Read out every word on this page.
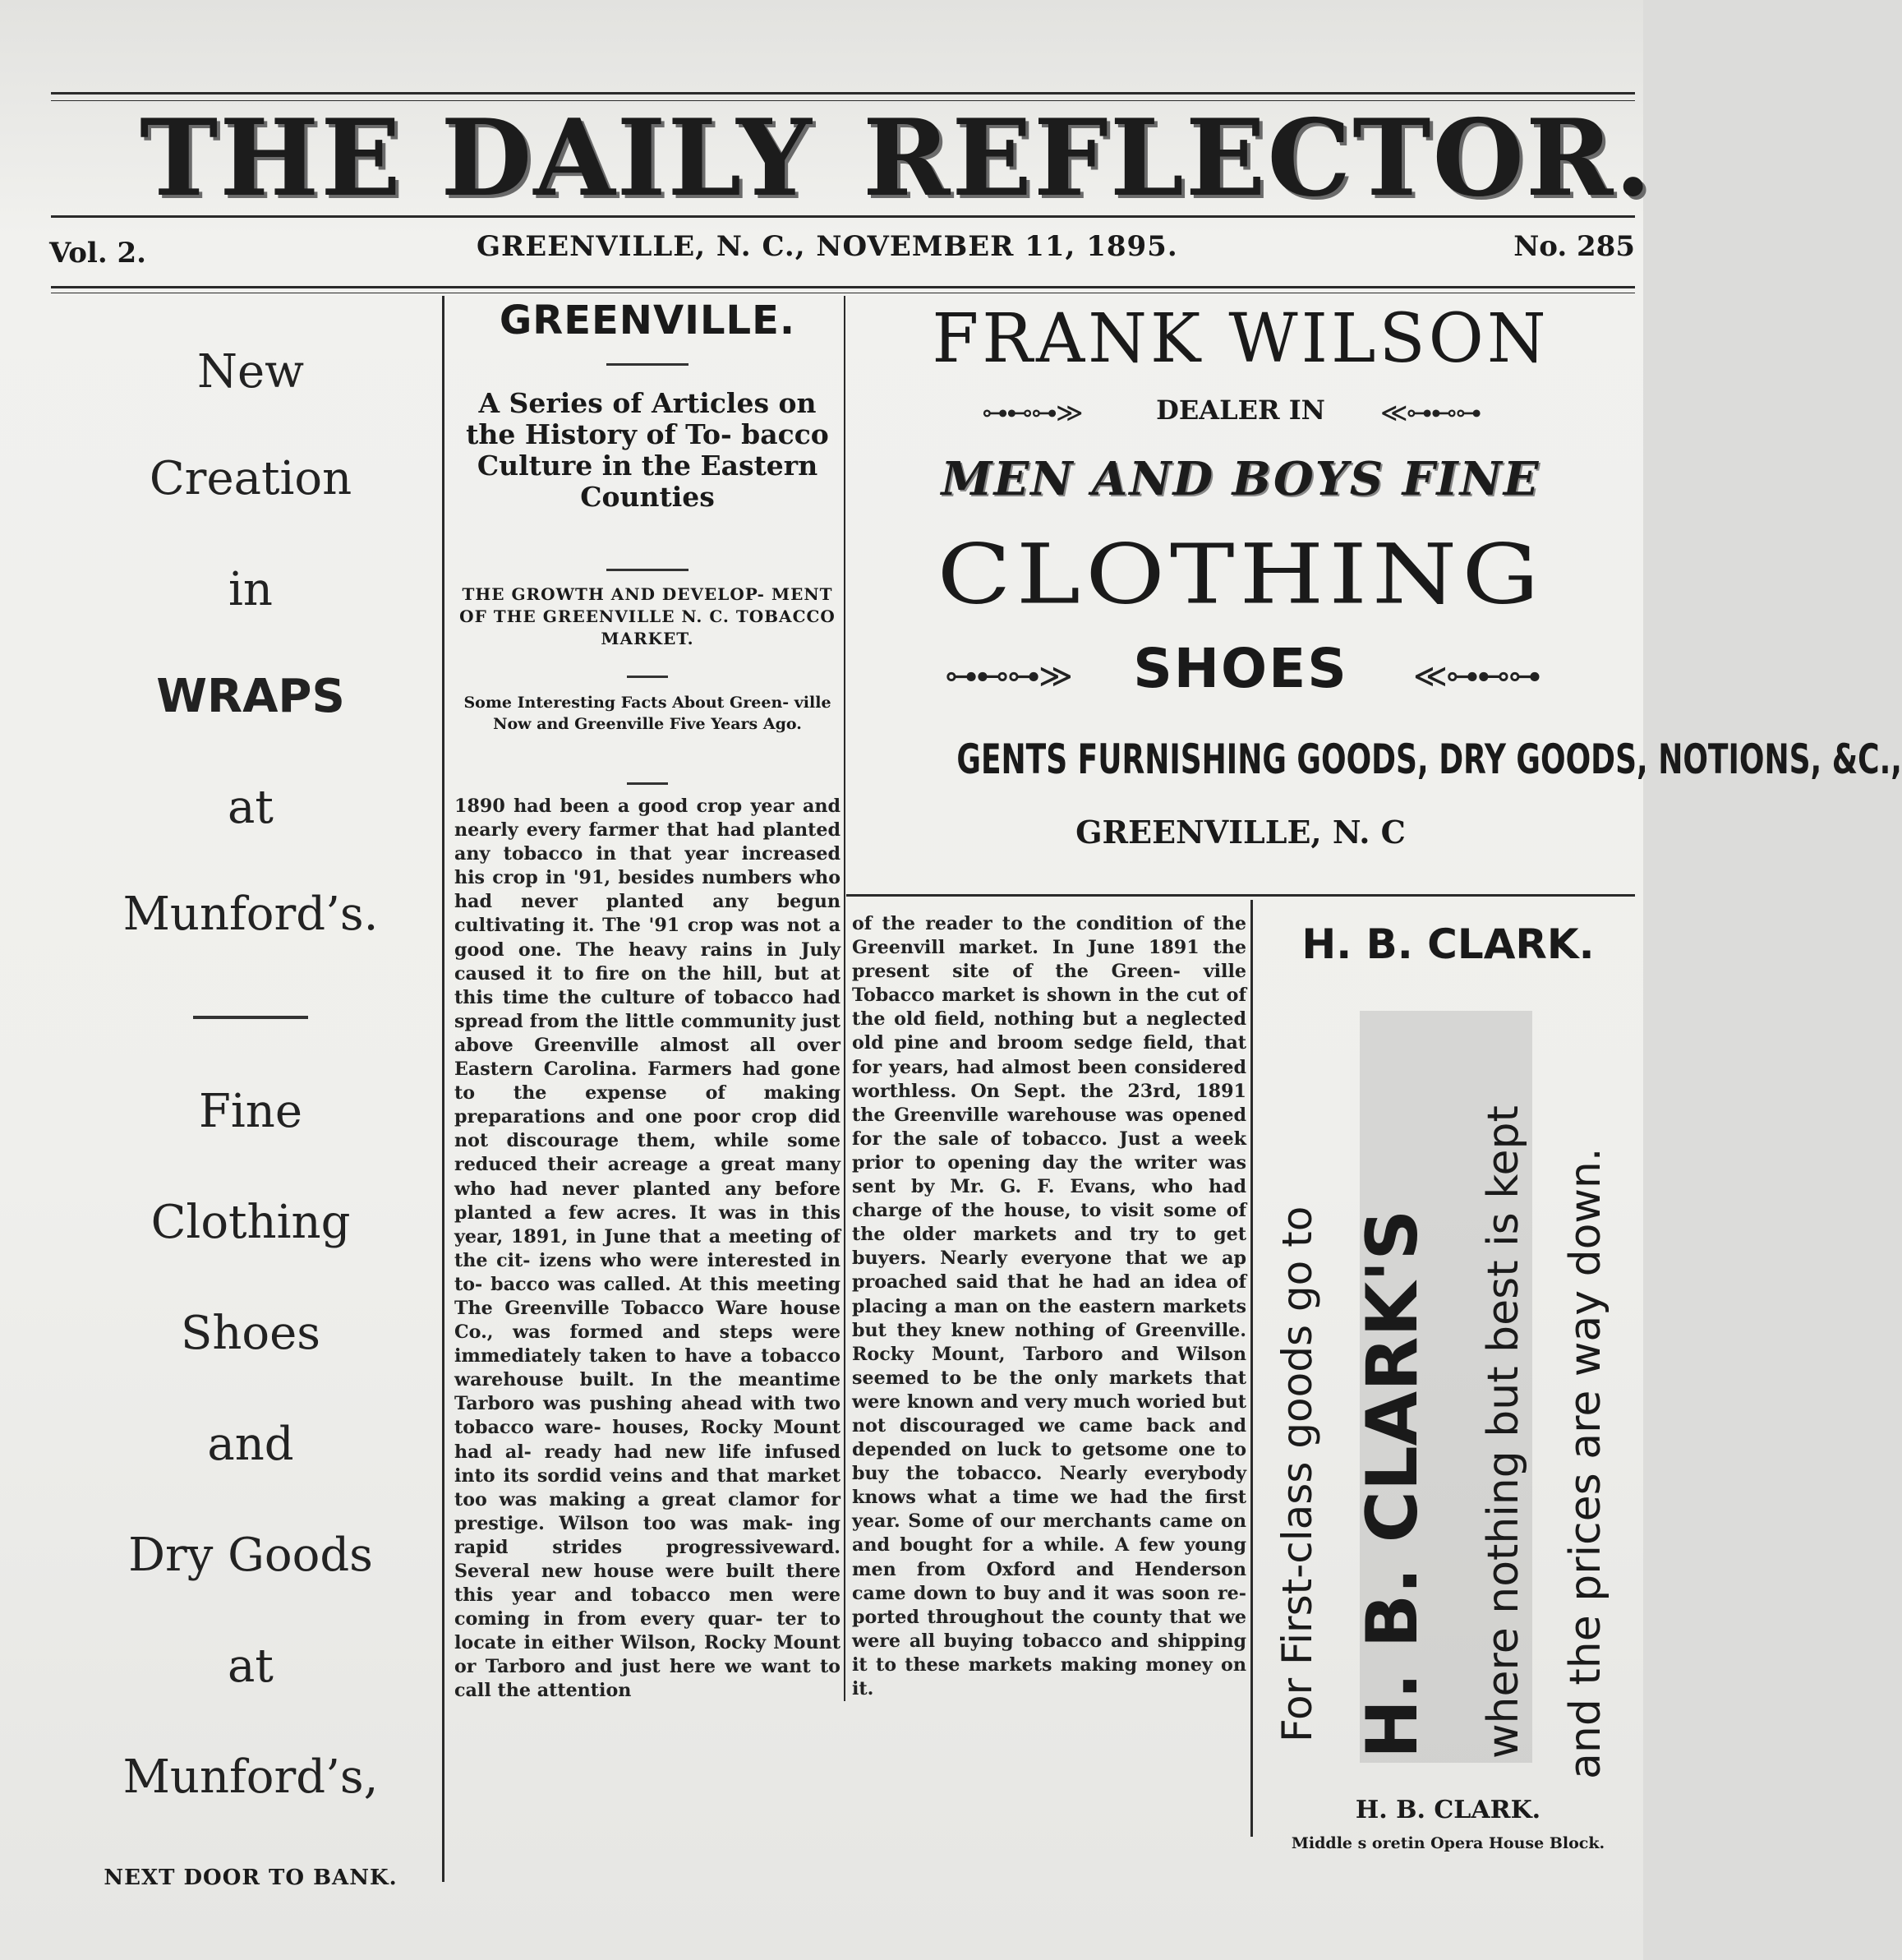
THE DAILY REFLECTOR.
Vol. 2.	GREENVILLE, N. C., NOVEMBER 11, 1895.	No. 285
New
Creation
in
WRAPS
at
Munford’s.
Fine
Clothing
Shoes
and
Dry Goods
at
Munford’s,
NEXT DOOR TO BANK.
GREENVILLE.
A Series of Articles on the History of To- bacco Culture in the Eastern Counties
THE GROWTH AND DEVELOP- MENT OF THE GREENVILLE N. C. TOBACCO MARKET.
Some Interesting Facts About Green- ville Now and Greenville Five Years Ago.
1890 had been a good crop year and nearly every farmer that had planted any tobacco in that year increased his crop in '91, besides numbers who had never planted any begun cultivating it. The '91 crop was not a good one. The heavy rains in July caused it to fire on the hill, but at this time the culture of tobacco had spread from the little community just above Greenville almost all over Eastern Carolina. Farmers had gone to the expense of making preparations and one poor crop did not discourage them, while some reduced their acreage a great many who had never planted any before planted a few acres. It was in this year, 1891, in June that a meeting of the cit- izens who were interested in to- bacco was called. At this meeting The Greenville Tobacco Ware house Co., was formed and steps were immediately taken to have a tobacco warehouse built. In the meantime Tarboro was pushing ahead with two tobacco ware- houses, Rocky Mount had al- ready had new life infused into its sordid veins and that market too was making a great clamor for prestige. Wilson too was mak- ing rapid strides progressiveward. Several new house were built there this year and tobacco men were coming in from every quar- ter to locate in either Wilson, Rocky Mount or Tarboro and just here we want to call the attention
FRANK WILSON
⊶⊷⊶≫	DEALER IN	≪⊶⊷⊶
MEN AND BOYS FINE
CLOTHING
⊶⊷⊶≫	SHOES	≪⊶⊷⊶
GENTS FURNISHING GOODS, DRY GOODS, NOTIONS, &C.,
GREENVILLE, N. C
of the reader to the condition of the Greenvill market. In June 1891 the present site of the Green- ville Tobacco market is shown in the cut of the old field, nothing but a neglected old pine and broom sedge field, that for years, had almost been considered worthless. On Sept. the 23rd, 1891 the Greenville warehouse was opened for the sale of tobacco. Just a week prior to opening day the writer was sent by Mr. G. F. Evans, who had charge of the house, to visit some of the older markets and try to get buyers. Nearly everyone that we ap proached said that he had an idea of placing a man on the eastern markets but they knew nothing of Greenville. Rocky Mount, Tarboro and Wilson seemed to be the only markets that were known and very much woried but not discouraged we came back and depended on luck to getsome one to buy the tobacco. Nearly everybody knows what a time we had the first year. Some of our merchants came on and bought for a while. A few young men from Oxford and Henderson came down to buy and it was soon re- ported throughout the county that we were all buying tobacco and shipping it to these markets making money on it.
H. B. CLARK.
For First-class goods go to H. B. CLARK'S where nothing but best is kept and the prices are way down.
H. B. CLARK.
Middle s oretin Opera House Block.
